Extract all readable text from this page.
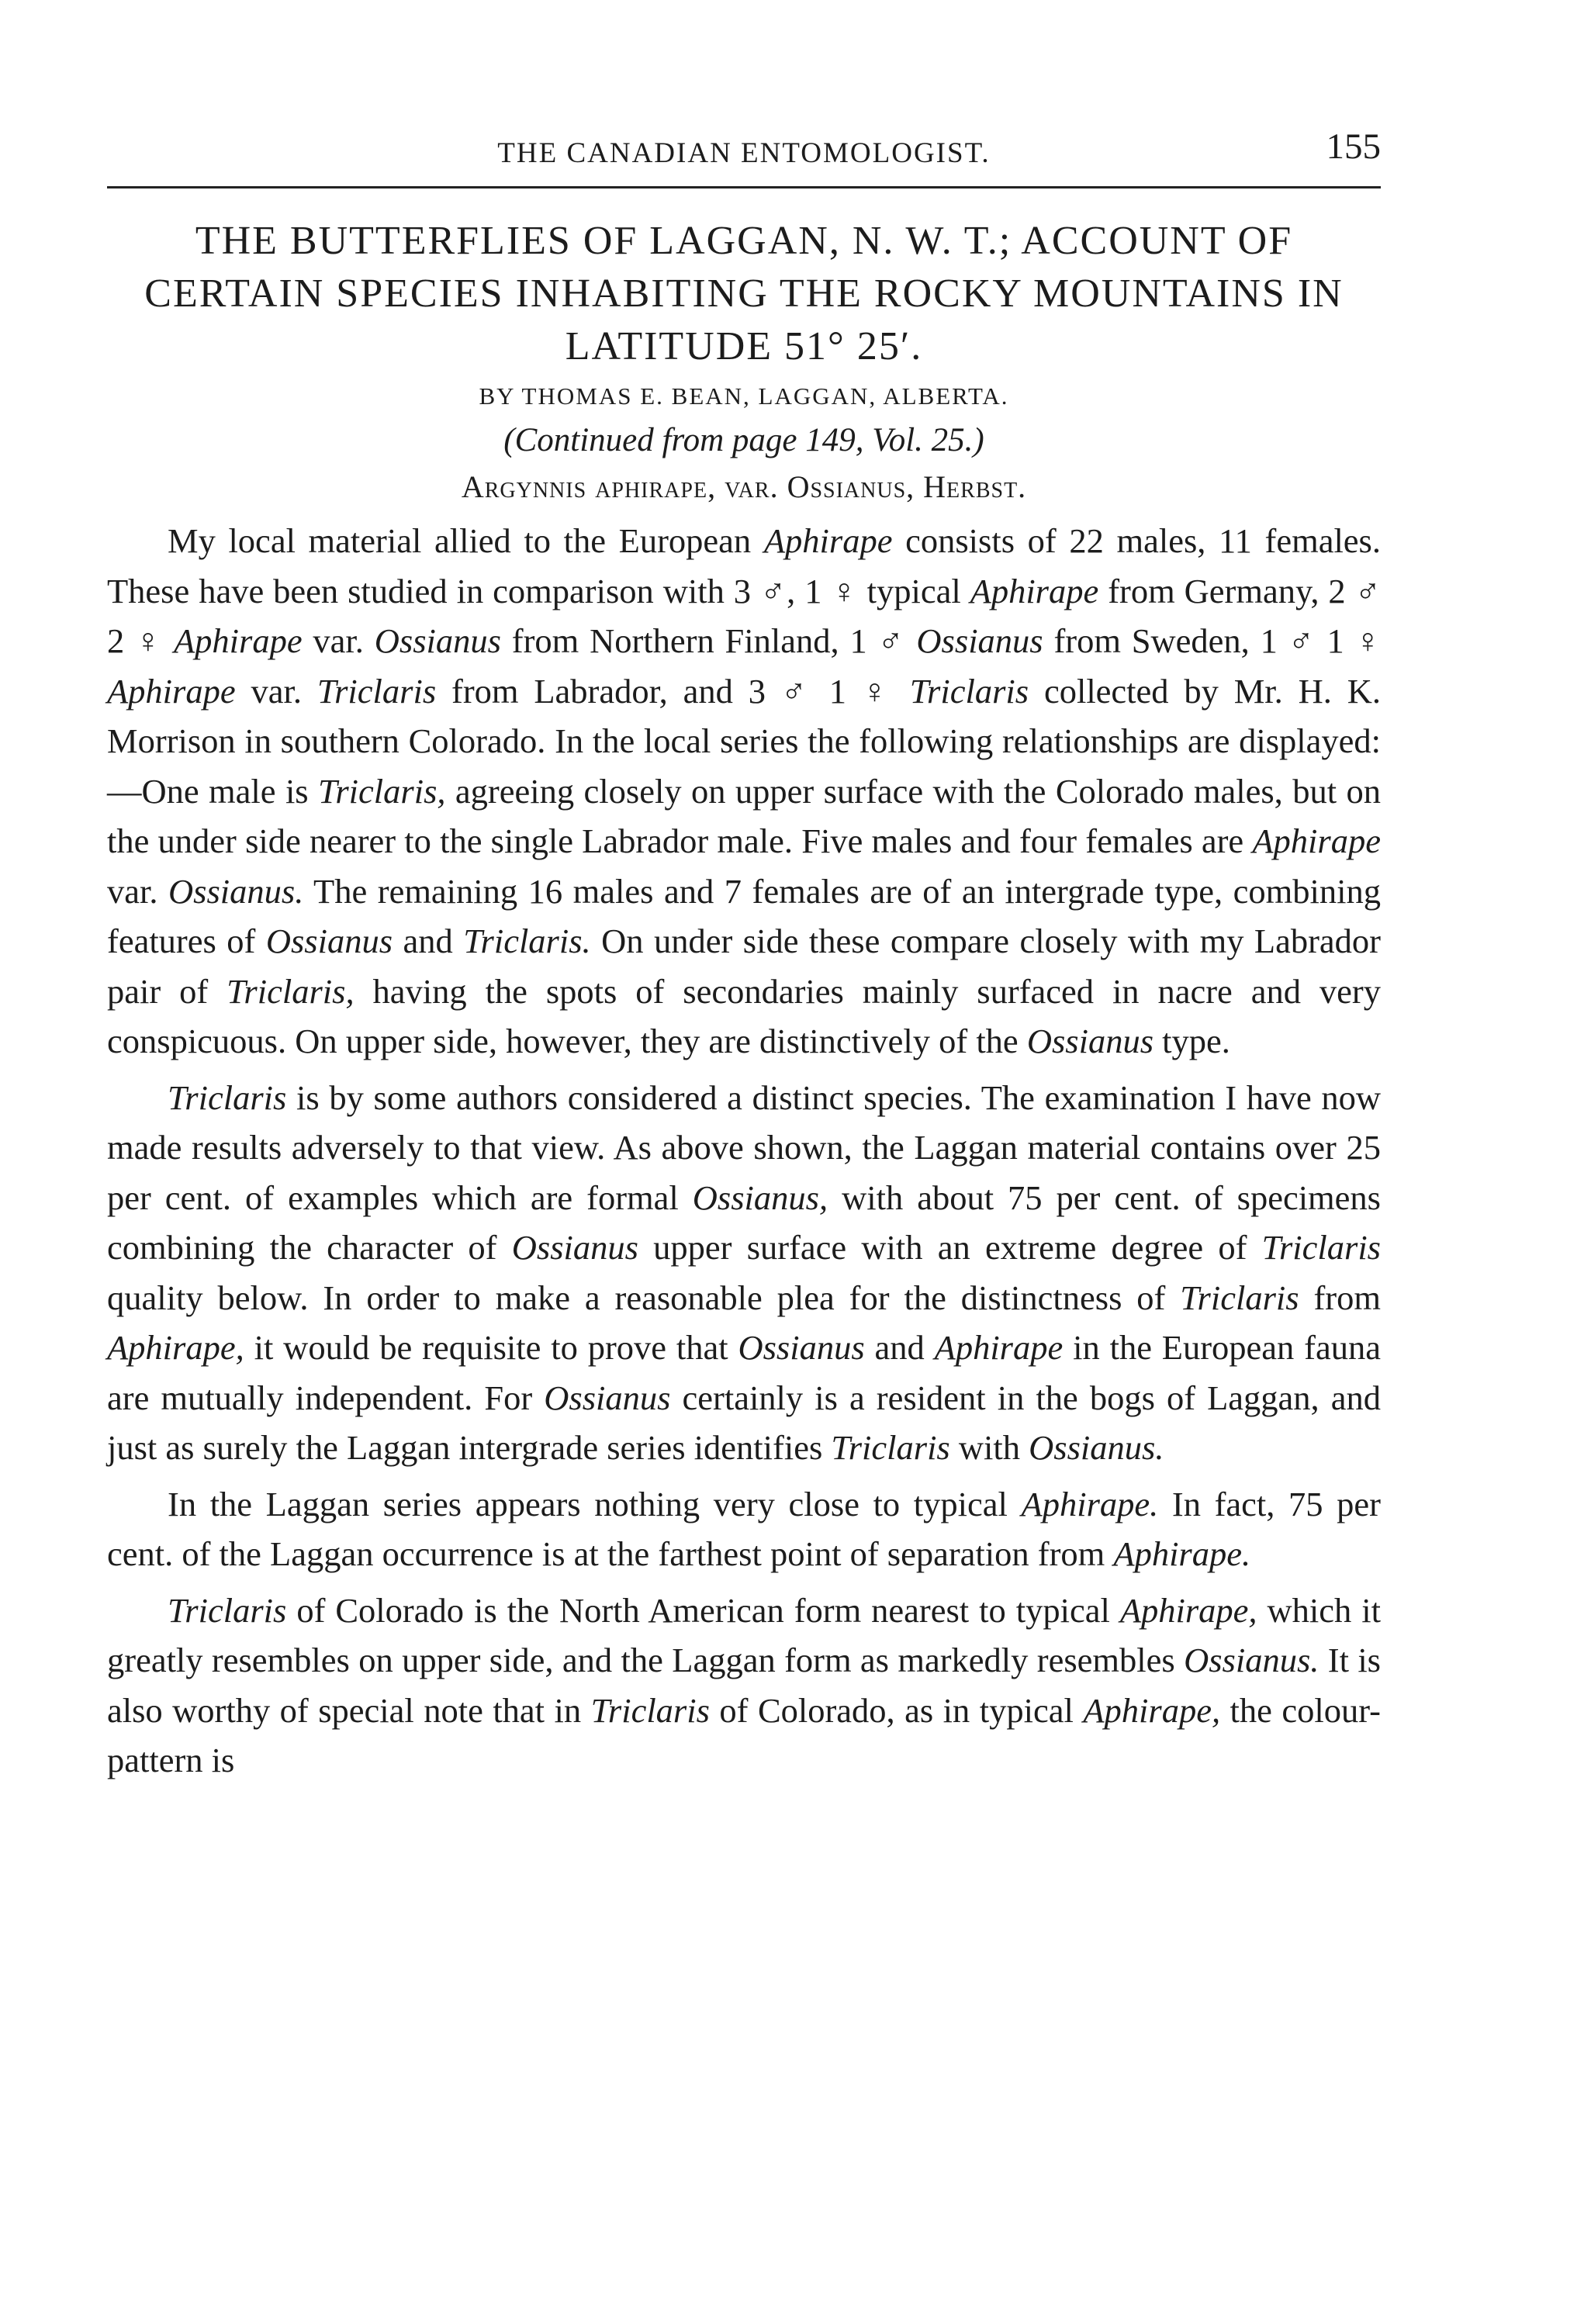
THE CANADIAN ENTOMOLOGIST.	155
THE BUTTERFLIES OF LAGGAN, N. W. T.; ACCOUNT OF CERTAIN SPECIES INHABITING THE ROCKY MOUNTAINS IN LATITUDE 51° 25′.
BY THOMAS E. BEAN, LAGGAN, ALBERTA.
(Continued from page 149, Vol. 25.)
Argynnis aphirape, var. Ossianus, Herbst.

My local material allied to the European Aphirape consists of 22 males, 11 females. These have been studied in comparison with 3 ♂, 1 ♀ typical Aphirape from Germany, 2 ♂ 2 ♀ Aphirape var. Ossianus from Northern Finland, 1 ♂ Ossianus from Sweden, 1 ♂ 1 ♀ Aphirape var. Triclaris from Labrador, and 3 ♂ 1 ♀ Triclaris collected by Mr. H. K. Morrison in southern Colorado. In the local series the following relationships are displayed:—One male is Triclaris, agreeing closely on upper surface with the Colorado males, but on the under side nearer to the single Labrador male. Five males and four females are Aphirape var. Ossianus. The remaining 16 males and 7 females are of an intergrade type, combining features of Ossianus and Triclaris. On under side these compare closely with my Labrador pair of Triclaris, having the spots of secondaries mainly surfaced in nacre and very conspicuous. On upper side, however, they are distinctively of the Ossianus type.

Triclaris is by some authors considered a distinct species. The examination I have now made results adversely to that view. As above shown, the Laggan material contains over 25 per cent. of examples which are formal Ossianus, with about 75 per cent. of specimens combining the character of Ossianus upper surface with an extreme degree of Triclaris quality below. In order to make a reasonable plea for the distinctness of Triclaris from Aphirape, it would be requisite to prove that Ossianus and Aphirape in the European fauna are mutually independent. For Ossianus certainly is a resident in the bogs of Laggan, and just as surely the Laggan intergrade series identifies Triclaris with Ossianus.

In the Laggan series appears nothing very close to typical Aphirape. In fact, 75 per cent. of the Laggan occurrence is at the farthest point of separation from Aphirape.

Triclaris of Colorado is the North American form nearest to typical Aphirape, which it greatly resembles on upper side, and the Laggan form as markedly resembles Ossianus. It is also worthy of special note that in Triclaris of Colorado, as in typical Aphirape, the colour-pattern is
